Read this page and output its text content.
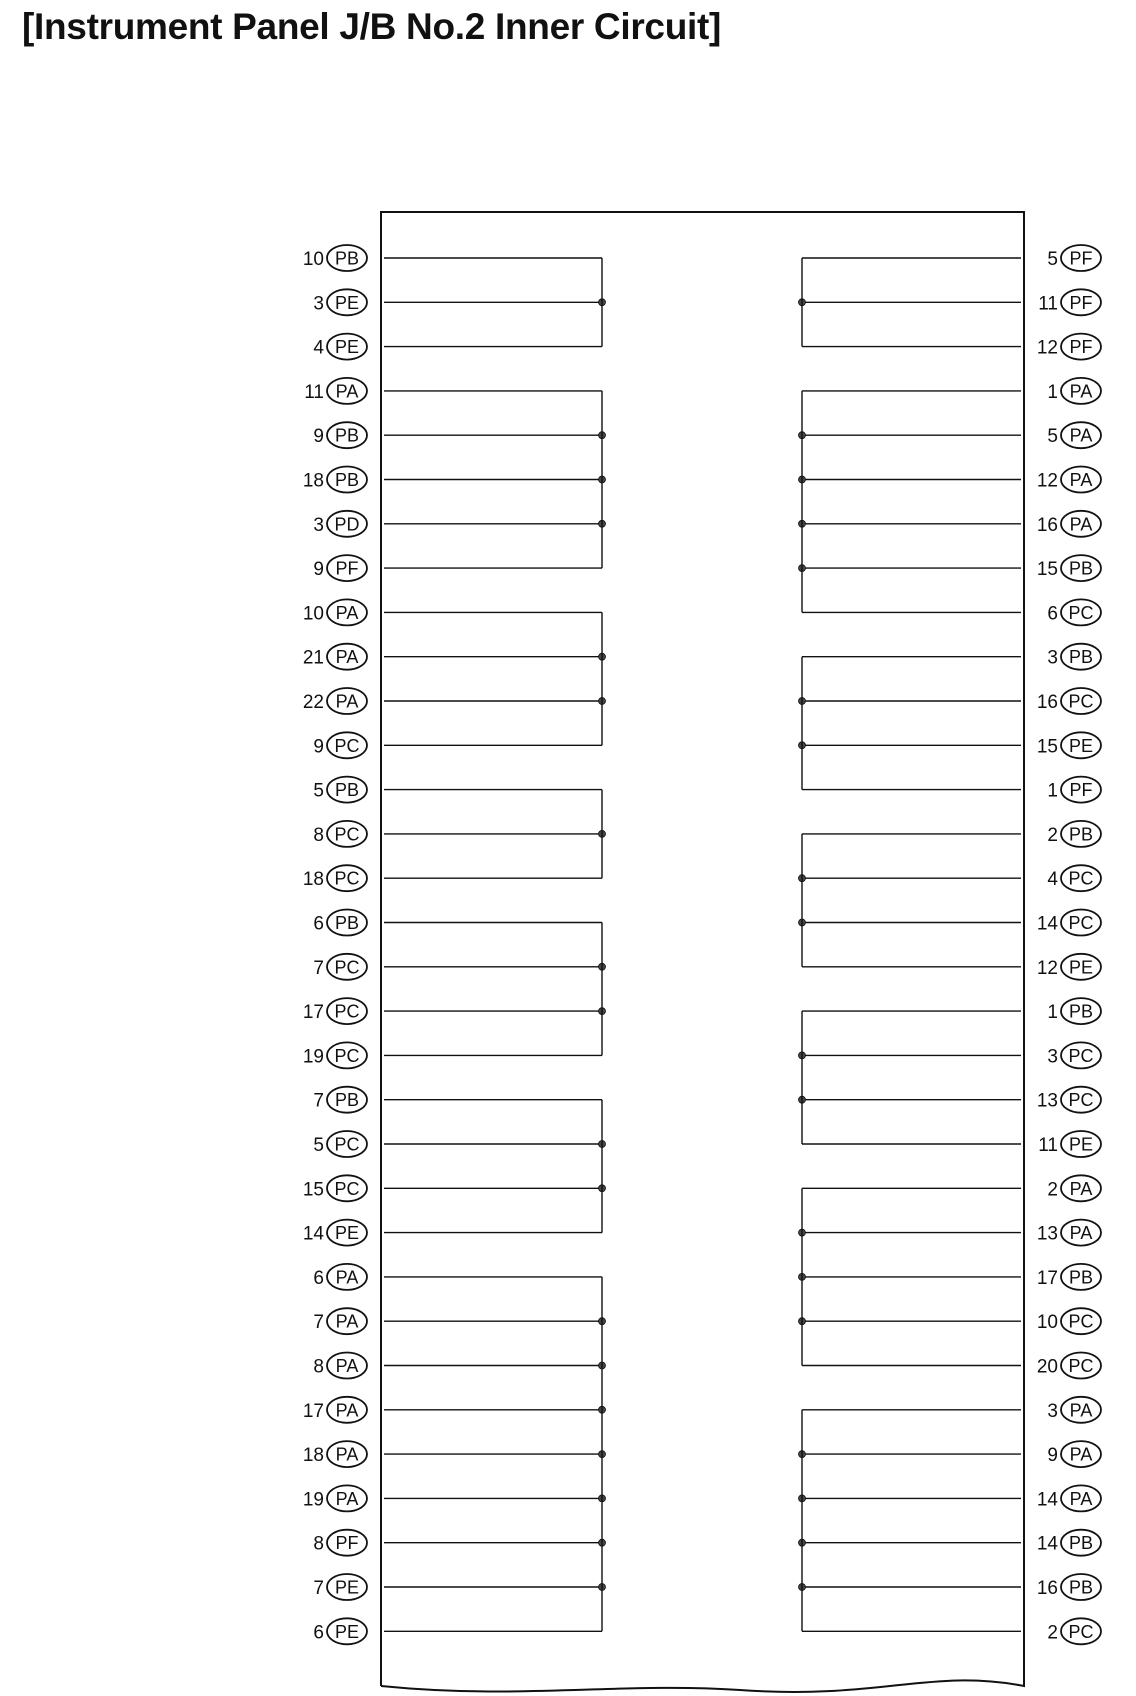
[Instrument Panel J/B No.2 Inner Circuit]
10 PB
3 PE
4 PE
11 PA
9 PB
18 PB
3 PD
9 PF
10 PA
21 PA
22 PA
9 PC
5 PB
8 PC
18 PC
6 PB
7 PC
17 PC
19 PC
7 PB
5 PC
15 PC
14 PE
6 PA
7 PA
8 PA
17 PA
18 PA
19 PA
8 PF
7 PE
6 PE
5 PF
11 PF
12 PF
1 PA
5 PA
12 PA
16 PA
15 PB
6 PC
3 PB
16 PC
15 PE
1 PF
2 PB
4 PC
14 PC
12 PE
1 PB
3 PC
13 PC
11 PE
2 PA
13 PA
17 PB
10 PC
20 PC
3 PA
9 PA
14 PA
14 PB
16 PB
2 PC
